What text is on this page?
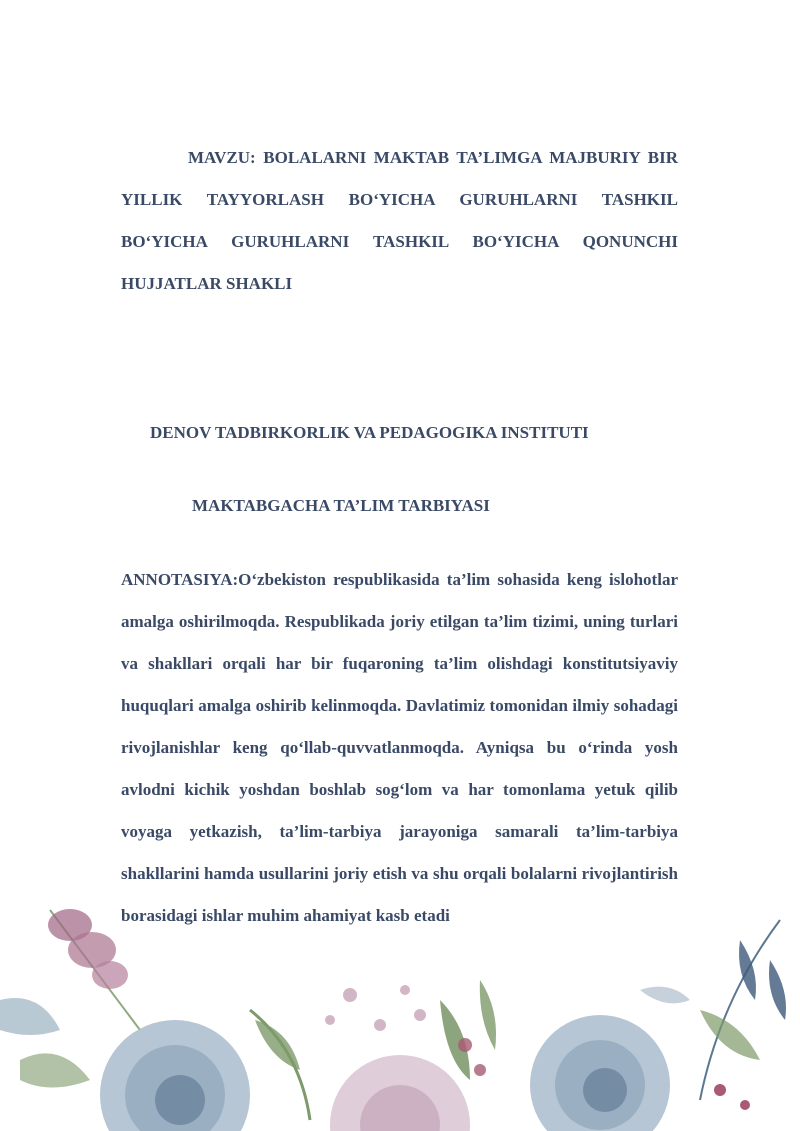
MAVZU: BOLALARNI MAKTAB TA’LIMGA MAJBURIY BIR YILLIK TAYYORLASH BO‘YICHA GURUHLARNI TASHKIL BO‘YICHA GURUHLARNI TASHKIL BO‘YICHA QONUNCHI HUJJATLAR SHAKLI

DENOV TADBIRKORLIK VA PEDAGOGIKA INSTITUTI

MAKTABGACHA TA’LIM TARBIYASI

ANNOTASIYA:O‘zbekiston respublikasida ta’lim sohasida keng islohotlar amalga oshirilmoqda. Respublikada joriy etilgan ta’lim tizimi, uning turlari va shakllari orqali har bir fuqaroning ta’lim olishdagi konstitutsiyaviy huquqlari amalga oshirib kelinmoqda. Davlatimiz tomonidan ilmiy sohadagi rivojlanishlar keng qo‘llab-quvvatlanmoqda. Ayniqsa bu o‘rinda yosh avlodni kichik yoshdan boshlab sog‘lom va har tomonlama yetuk qilib voyaga yetkazish, ta’lim-tarbiya jarayoniga samarali ta’lim-tarbiya shakllarini hamda usullarini joriy etish va shu orqali bolalarni rivojlantirish borasidagi ishlar muhim ahamiyat kasb etadi
